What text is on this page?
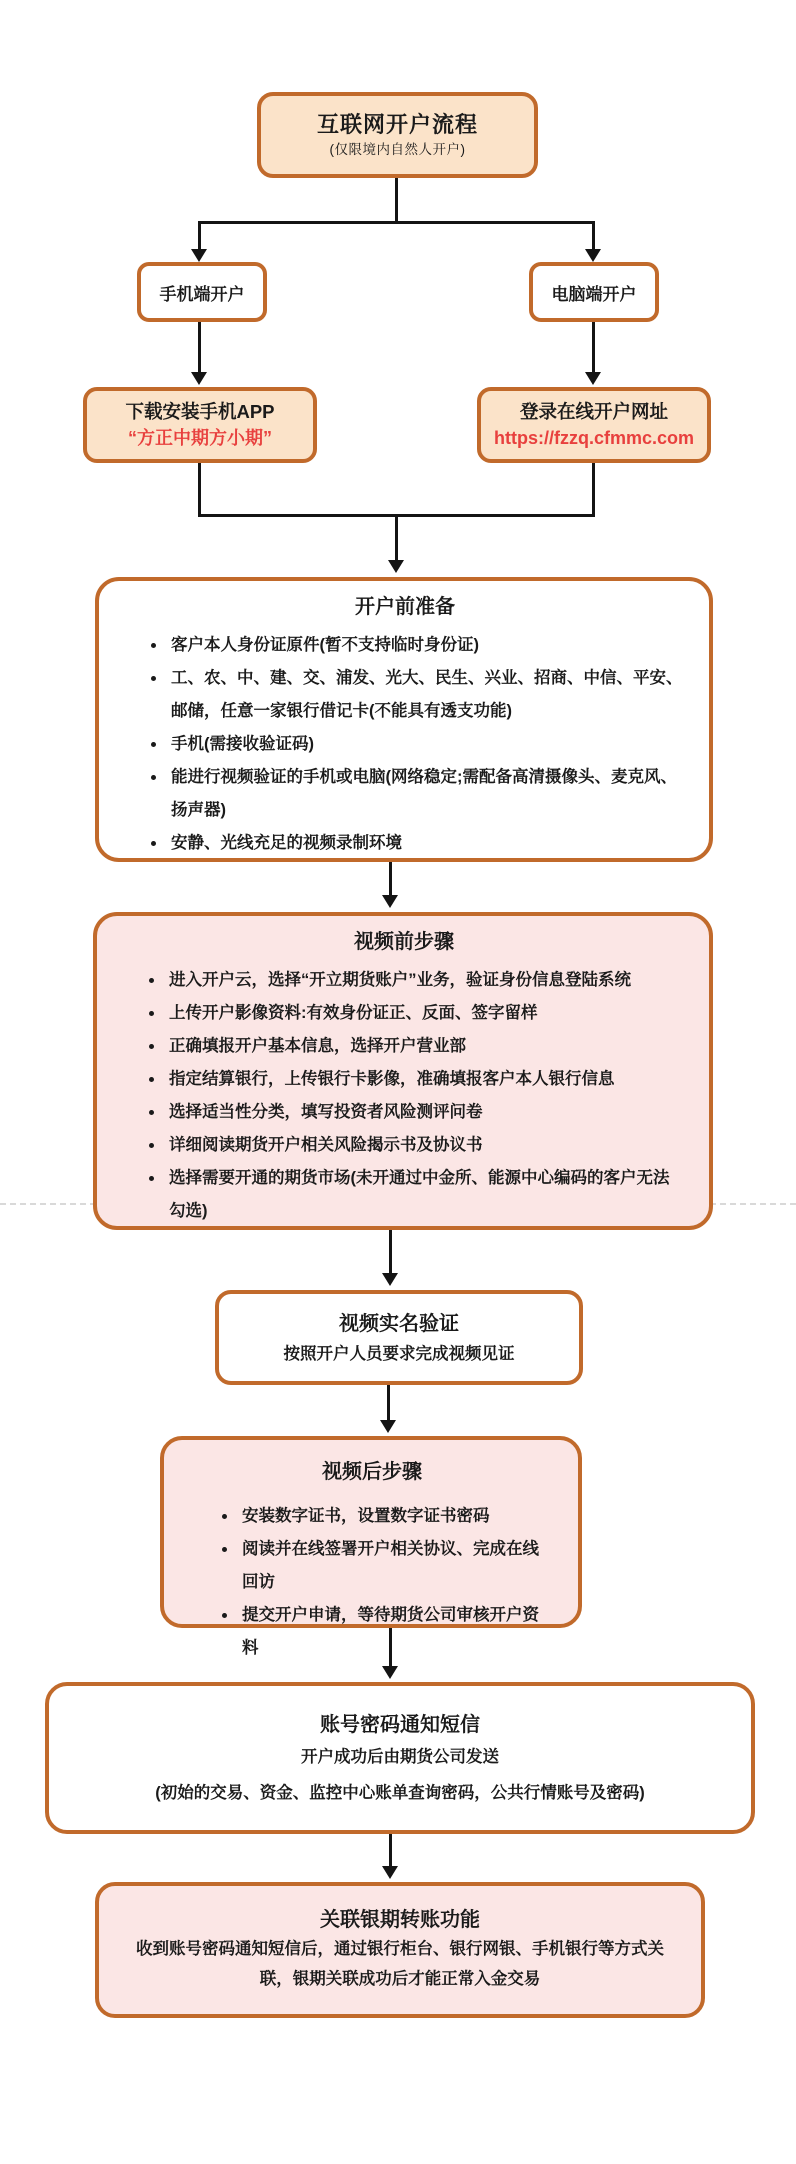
互联网开户流程
(仅限境内自然人开户)
手机端开户	电脑端开户
下载安装手机APP
“方正中期方小期”
登录在线开户网址
https://fzzq.cfmmc.com
开户前准备
• 客户本人身份证原件(暂不支持临时身份证)
• 工、农、中、建、交、浦发、光大、民生、兴业、招商、中信、平安、邮储，任意一家银行借记卡(不能具有透支功能)
• 手机(需接收验证码)
• 能进行视频验证的手机或电脑(网络稳定;需配备高清摄像头、麦克风、扬声器)
• 安静、光线充足的视频录制环境
视频前步骤
• 进入开户云，选择“开立期货账户”业务，验证身份信息登陆系统
• 上传开户影像资料:有效身份证正、反面、签字留样
• 正确填报开户基本信息，选择开户营业部
• 指定结算银行，上传银行卡影像，准确填报客户本人银行信息
• 选择适当性分类，填写投资者风险测评问卷
• 详细阅读期货开户相关风险揭示书及协议书
• 选择需要开通的期货市场(未开通过中金所、能源中心编码的客户无法勾选)
视频实名验证
按照开户人员要求完成视频见证
视频后步骤
• 安装数字证书，设置数字证书密码
• 阅读并在线签署开户相关协议、完成在线回访
• 提交开户申请，等待期货公司审核开户资料
账号密码通知短信
开户成功后由期货公司发送
(初始的交易、资金、监控中心账单查询密码，公共行情账号及密码)
关联银期转账功能
收到账号密码通知短信后，通过银行柜台、银行网银、手机银行等方式关联，银期关联成功后才能正常入金交易
